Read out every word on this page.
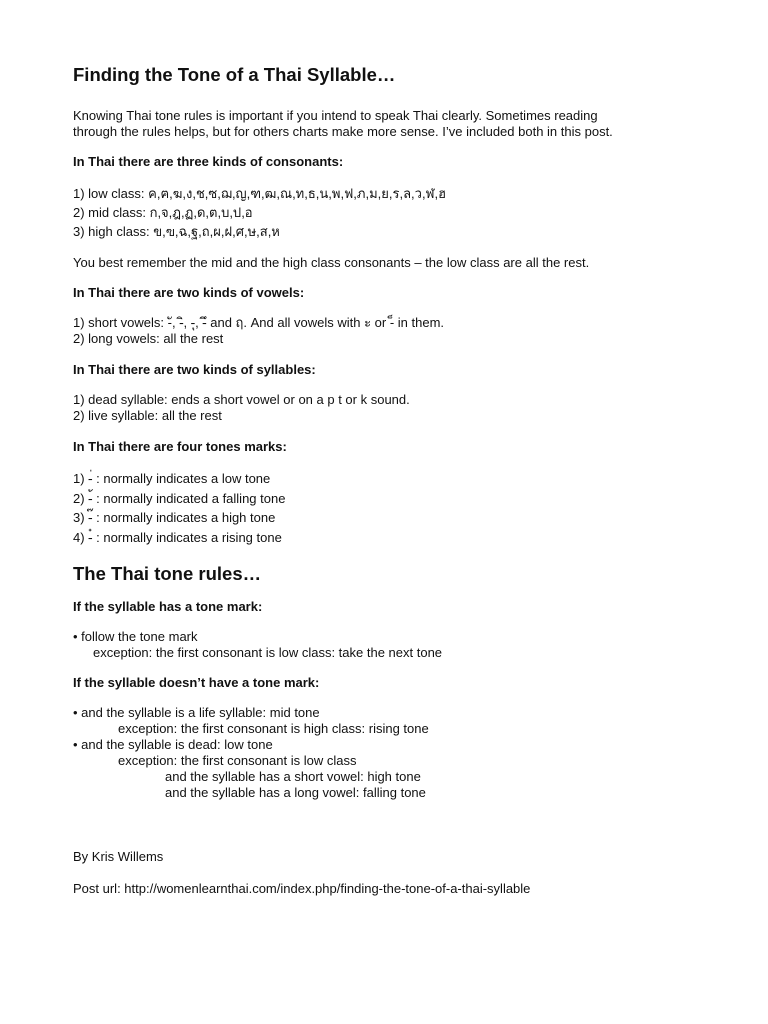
Finding the Tone of a Thai Syllable…

Knowing Thai tone rules is important if you intend to speak Thai clearly. Sometimes reading

through the rules helps, but for others charts make more sense. I’ve included both in this post.

In Thai there are three kinds of consonants:

1) low class: ค,ฅ,ฆ,ง,ช,ซ,ฌ,ญ,ฑ,ฒ,ณ,ท,ธ,น,พ,ฟ,ภ,ม,ย,ร,ล,ว,ฬ,ฮ

2) mid class: ก,จ,ฎ,ฏ,ด,ต,บ,ป,อ

3) high class: ข,ฃ,ฉ,ฐ,ถ,ผ,ฝ,ศ,ษ,ส,ห

You best remember the mid and the high class consonants – the low class are all the rest.

In Thai there are two kinds of vowels:

1) short vowels: -ั, -ิ, -ุ, -ึ and ฤ. And all vowels with ะ or -็ in them.

2) long vowels: all the rest

In Thai there are two kinds of syllables:

1) dead syllable: ends a short vowel or on a p t or k sound.

2) live syllable: all the rest

In Thai there are four tones marks:

1) -่ : normally indicates a low tone

2) -้ : normally indicated a falling tone

3) -๊ : normally indicates a high tone

4) -๋ : normally indicates a rising tone

The Thai tone rules…

If the syllable has a tone mark:

• follow the tone mark

exception: the first consonant is low class: take the next tone

If the syllable doesn’t have a tone mark:

• and the syllable is a life syllable: mid tone

exception: the first consonant is high class: rising tone

• and the syllable is dead: low tone

exception: the first consonant is low class

and the syllable has a short vowel: high tone

and the syllable has a long vowel: falling tone

By Kris Willems

Post url: http://womenlearnthai.com/index.php/finding-the-tone-of-a-thai-syllable
